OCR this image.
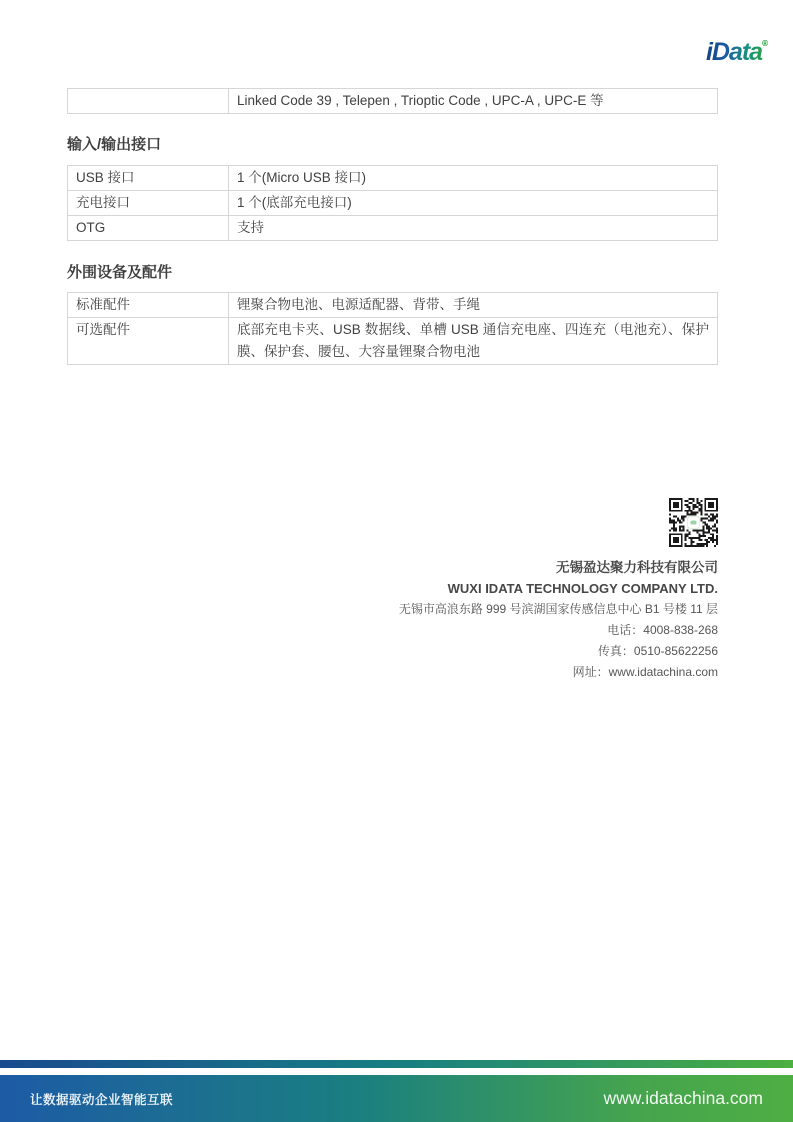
iData®
	Linked Code 39 , Telepen , Trioptic Code , UPC-A , UPC-E 等
输入/输出接口
USB 接口	1 个(Micro USB 接口)
充电接口	1 个(底部充电接口)
OTG	支持
外围设备及配件
标准配件	锂聚合物电池、电源适配器、背带、手绳
可选配件	底部充电卡夹、USB 数据线、单槽 USB 通信充电座、四连充（电池充）、保护膜、保护套、腰包、大容量锂聚合物电池
无锡盈达聚力科技有限公司
WUXI IDATA TECHNOLOGY COMPANY LTD.
无锡市高浪东路 999 号滨湖国家传感信息中心 B1 号楼 11 层
电话：4008-838-268
传真：0510-85622256
网址：www.idatachina.com
让数据驱动企业智能互联	www.idatachina.com
